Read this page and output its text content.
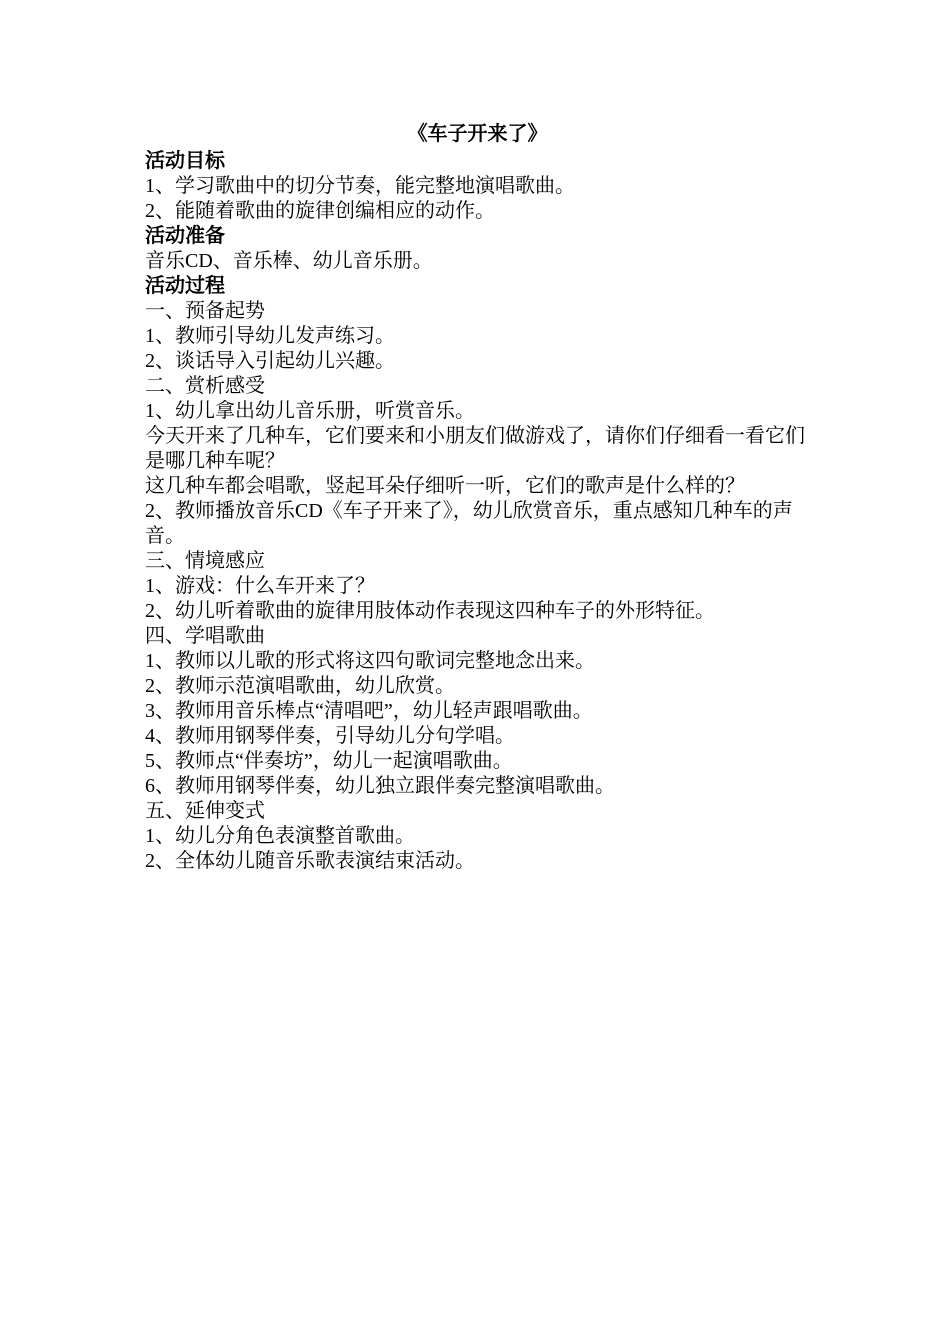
《车子开来了》

活动目标

1、学习歌曲中的切分节奏，能完整地演唱歌曲。

2、能随着歌曲的旋律创编相应的动作。

活动准备

音乐CD、音乐棒、幼儿音乐册。

活动过程

一、预备起势

1、教师引导幼儿发声练习。

2、谈话导入引起幼儿兴趣。

二、赏析感受

1、幼儿拿出幼儿音乐册，听赏音乐。

今天开来了几种车，它们要来和小朋友们做游戏了，请你们仔细看一看它们是哪几种车呢？

这几种车都会唱歌，竖起耳朵仔细听一听，它们的歌声是什么样的？

2、教师播放音乐CD《车子开来了》，幼儿欣赏音乐，重点感知几种车的声音。

三、情境感应

1、游戏：什么车开来了？

2、幼儿听着歌曲的旋律用肢体动作表现这四种车子的外形特征。

四、学唱歌曲

1、教师以儿歌的形式将这四句歌词完整地念出来。

2、教师示范演唱歌曲，幼儿欣赏。

3、教师用音乐棒点“清唱吧”，幼儿轻声跟唱歌曲。

4、教师用钢琴伴奏，引导幼儿分句学唱。

5、教师点“伴奏坊”，幼儿一起演唱歌曲。

6、教师用钢琴伴奏，幼儿独立跟伴奏完整演唱歌曲。

五、延伸变式

1、幼儿分角色表演整首歌曲。

2、全体幼儿随音乐歌表演结束活动。
